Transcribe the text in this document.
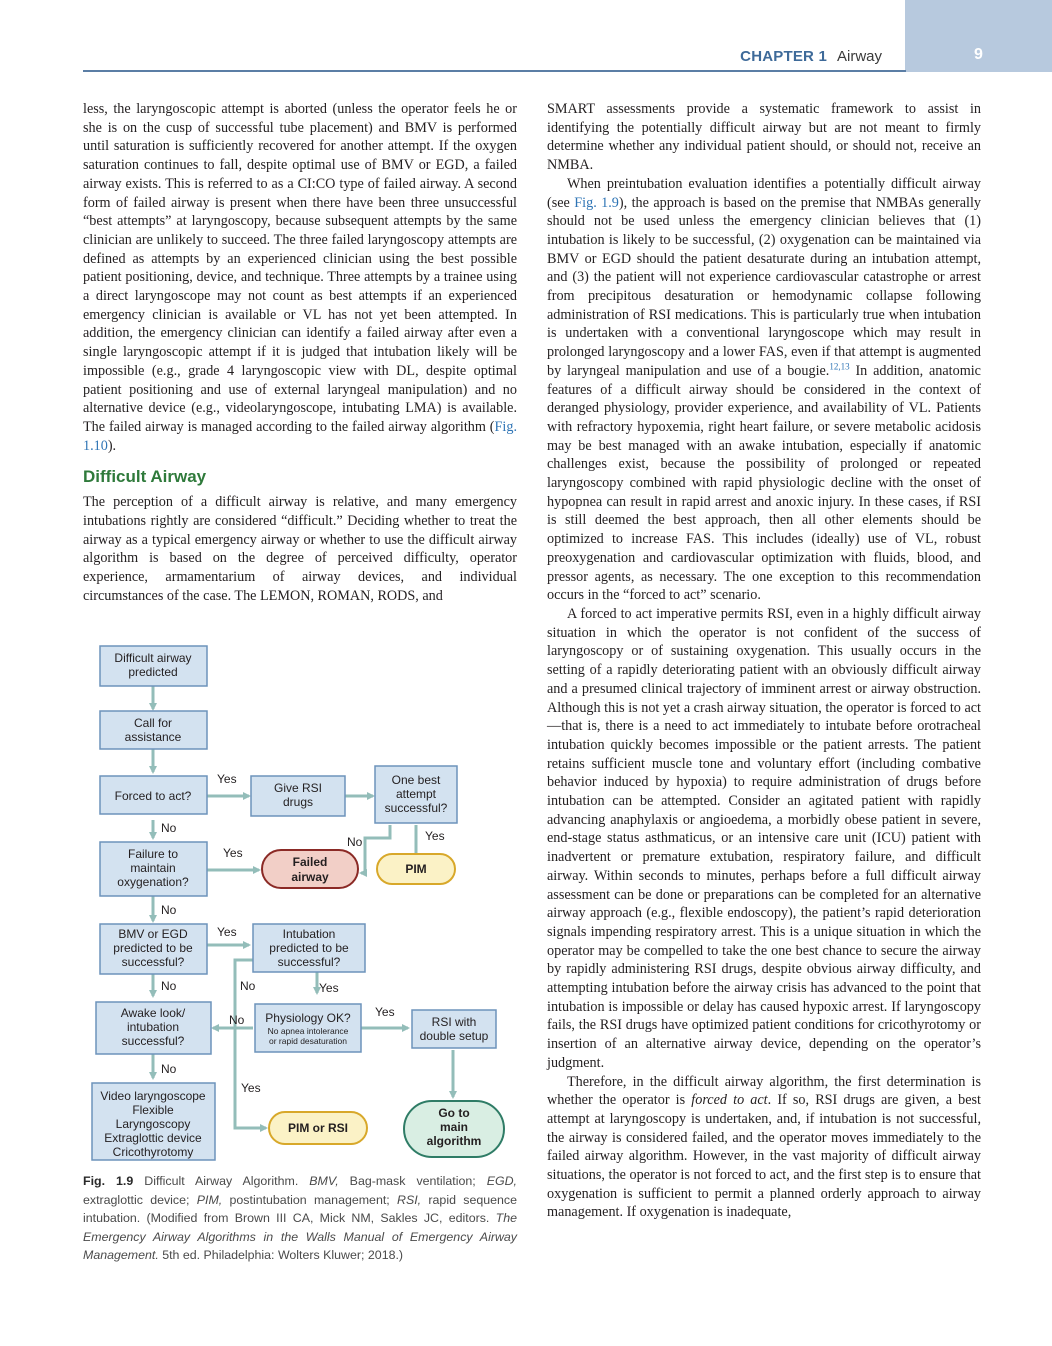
CHAPTER 1 Airway	9

less, the laryngoscopic attempt is aborted (unless the operator feels he or she is on the cusp of successful tube placement) and BMV is performed until saturation is sufficiently recovered for another attempt. If the oxygen saturation continues to fall, despite optimal use of BMV or EGD, a failed airway exists. This is referred to as a CI:CO type of failed airway. A second form of failed airway is present when there have been three unsuccessful “best attempts” at laryngoscopy, because subsequent attempts by the same clinician are unlikely to succeed. The three failed laryngoscopy attempts are defined as attempts by an experienced clinician using the best possible patient positioning, device, and technique. Three attempts by a trainee using a direct laryngoscope may not count as best attempts if an experienced emergency clinician is available or VL has not yet been attempted. In addition, the emergency clinician can identify a failed airway after even a single laryngoscopic attempt if it is judged that intubation likely will be impossible (e.g., grade 4 laryngoscopic view with DL, despite optimal patient positioning and use of external laryngeal manipulation) and no alternative device (e.g., videolaryngoscope, intubating LMA) is available. The failed airway is managed according to the failed airway algorithm (Fig. 1.10).

Difficult Airway

The perception of a difficult airway is relative, and many emergency intubations rightly are considered “difficult.” Deciding whether to treat the airway as a typical emergency airway or whether to use the difficult airway algorithm is based on the degree of perceived difficulty, operator experience, armamentarium of airway devices, and individual circumstances of the case. The LEMON, ROMAN, RODS, and

Difficult airway
predicted
Call for
assistance
Forced to act?
Give RSI
drugs
One best
attempt
successful?
Failure to
maintain
oxygenation?
Failed
airway
PIM
BMV or EGD
predicted to be
successful?
Intubation
predicted to be
successful?
Awake look/
intubation
successful?
Physiology OK?
No apnea intolerance
or rapid desaturation
RSI with
double setup
Video laryngoscope
Flexible
Laryngoscopy
Extraglottic device
Cricothyrotomy
PIM or RSI
Go to
main
algorithm
Yes
No
No	Yes
Yes
No
Yes
No	No	Yes
No
Yes
No
Yes
Fig. 1.9 Difficult Airway Algorithm. BMV, Bag-mask ventilation; EGD, extraglottic device; PIM, postintubation management; RSI, rapid sequence intubation. (Modified from Brown III CA, Mick NM, Sakles JC, editors. The Emergency Airway Algorithms in the Walls Manual of Emergency Airway Management. 5th ed. Philadelphia: Wolters Kluwer; 2018.)

SMART assessments provide a systematic framework to assist in identifying the potentially difficult airway but are not meant to firmly determine whether any individual patient should, or should not, receive an NMBA.

When preintubation evaluation identifies a potentially difficult airway (see Fig. 1.9), the approach is based on the premise that NMBAs generally should not be used unless the emergency clinician believes that (1) intubation is likely to be successful, (2) oxygenation can be maintained via BMV or EGD should the patient desaturate during an intubation attempt, and (3) the patient will not experience cardiovascular catastrophe or arrest from precipitous desaturation or hemodynamic collapse following administration of RSI medications. This is particularly true when intubation is undertaken with a conventional laryngoscope which may result in prolonged laryngoscopy and a lower FAS, even if that attempt is augmented by laryngeal manipulation and use of a bougie.$^{12,13}$ In addition, anatomic features of a difficult airway should be considered in the context of deranged physiology, provider experience, and availability of VL. Patients with refractory hypoxemia, right heart failure, or severe metabolic acidosis may be best managed with an awake intubation, especially if anatomic challenges exist, because the possibility of prolonged or repeated laryngoscopy combined with rapid physiologic decline with the onset of hypopnea can result in rapid arrest and anoxic injury. In these cases, if RSI is still deemed the best approach, then all other elements should be optimized to increase FAS. This includes (ideally) use of VL, robust preoxygenation and cardiovascular optimization with fluids, blood, and pressor agents, as necessary. The one exception to this recommendation occurs in the “forced to act” scenario.

A forced to act imperative permits RSI, even in a highly difficult airway situation in which the operator is not confident of the success of laryngoscopy or of sustaining oxygenation. This usually occurs in the setting of a rapidly deteriorating patient with an obviously difficult airway and a presumed clinical trajectory of imminent arrest or airway obstruction. Although this is not yet a crash airway situation, the operator is forced to act—that is, there is a need to act immediately to intubate before orotracheal intubation quickly becomes impossible or the patient arrests. The patient retains sufficient muscle tone and voluntary effort (including combative behavior induced by hypoxia) to require administration of drugs before intubation can be attempted. Consider an agitated patient with rapidly advancing anaphylaxis or angioedema, a morbidly obese patient in severe, end-stage status asthmaticus, or an intensive care unit (ICU) patient with inadvertent or premature extubation, respiratory failure, and difficult airway. Within seconds to minutes, perhaps before a full difficult airway assessment can be done or preparations can be completed for an alternative airway approach (e.g., flexible endoscopy), the patient’s rapid deterioration signals impending respiratory arrest. This is a unique situation in which the operator may be compelled to take the one best chance to secure the airway by rapidly administering RSI drugs, despite obvious airway difficulty, and attempting intubation before the airway crisis has advanced to the point that intubation is impossible or delay has caused hypoxic arrest. If laryngoscopy fails, the RSI drugs have optimized patient conditions for cricothyrotomy or insertion of an alternative airway device, depending on the operator’s judgment.

Therefore, in the difficult airway algorithm, the first determination is whether the operator is forced to act. If so, RSI drugs are given, a best attempt at laryngoscopy is undertaken, and, if intubation is not successful, the airway is considered failed, and the operator moves immediately to the failed airway algorithm. However, in the vast majority of difficult airway situations, the operator is not forced to act, and the first step is to ensure that oxygenation is sufficient to permit a planned orderly approach to airway management. If oxygenation is inadequate,
